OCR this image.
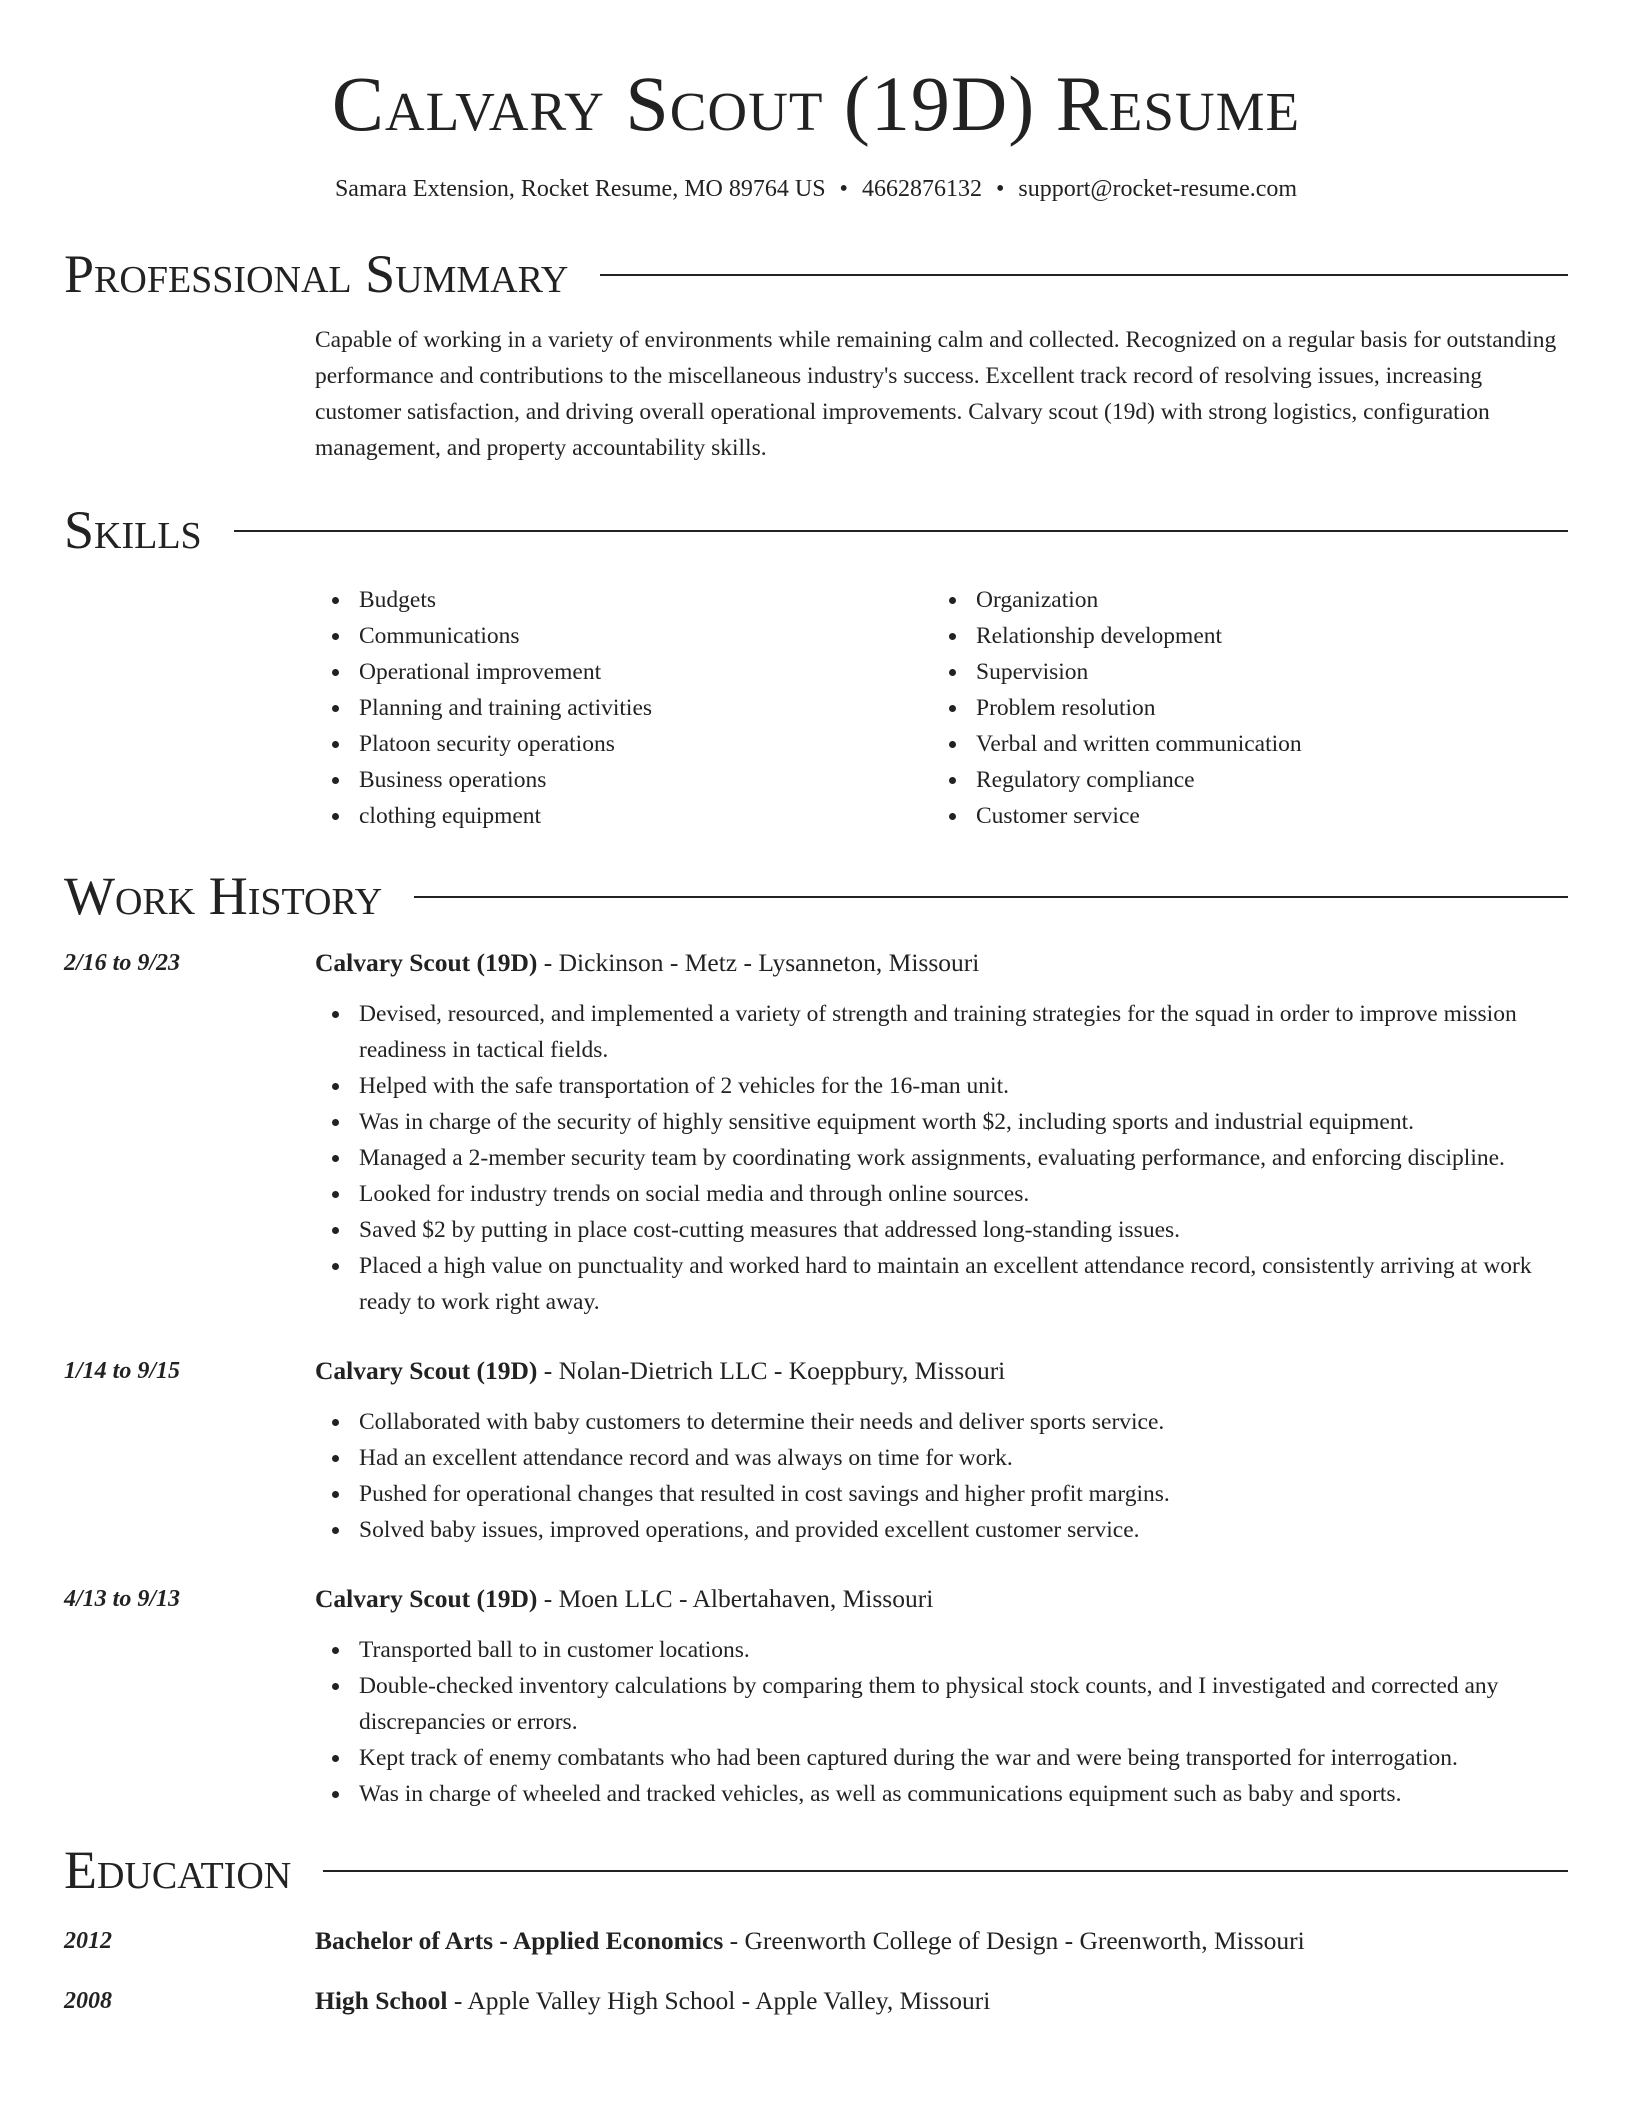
Calvary Scout (19D) Resume
Samara Extension, Rocket Resume, MO 89764 US • 4662876132 • support@rocket-resume.com
Professional Summary

Capable of working in a variety of environments while remaining calm and collected. Recognized on a regular basis for outstanding performance and contributions to the miscellaneous industry's success. Excellent track record of resolving issues, increasing customer satisfaction, and driving overall operational improvements. Calvary scout (19d) with strong logistics, configuration management, and property accountability skills.

Skills
Budgets
Communications
Operational improvement
Planning and training activities
Platoon security operations
Business operations
clothing equipment
Organization
Relationship development
Supervision
Problem resolution
Verbal and written communication
Regulatory compliance
Customer service
Work History
2/16 to 9/23	Calvary Scout (19D) - Dickinson - Metz - Lysanneton, Missouri
Devised, resourced, and implemented a variety of strength and training strategies for the squad in order to improve mission readiness in tactical fields.
Helped with the safe transportation of 2 vehicles for the 16-man unit.
Was in charge of the security of highly sensitive equipment worth $2, including sports and industrial equipment.
Managed a 2-member security team by coordinating work assignments, evaluating performance, and enforcing discipline.
Looked for industry trends on social media and through online sources.
Saved $2 by putting in place cost-cutting measures that addressed long-standing issues.
Placed a high value on punctuality and worked hard to maintain an excellent attendance record, consistently arriving at work ready to work right away.
1/14 to 9/15	Calvary Scout (19D) - Nolan-Dietrich LLC - Koeppbury, Missouri
Collaborated with baby customers to determine their needs and deliver sports service.
Had an excellent attendance record and was always on time for work.
Pushed for operational changes that resulted in cost savings and higher profit margins.
Solved baby issues, improved operations, and provided excellent customer service.
4/13 to 9/13	Calvary Scout (19D) - Moen LLC - Albertahaven, Missouri
Transported ball to in customer locations.
Double-checked inventory calculations by comparing them to physical stock counts, and I investigated and corrected any discrepancies or errors.
Kept track of enemy combatants who had been captured during the war and were being transported for interrogation.
Was in charge of wheeled and tracked vehicles, as well as communications equipment such as baby and sports.
Education
2012	Bachelor of Arts - Applied Economics - Greenworth College of Design - Greenworth, Missouri
2008	High School - Apple Valley High School - Apple Valley, Missouri
